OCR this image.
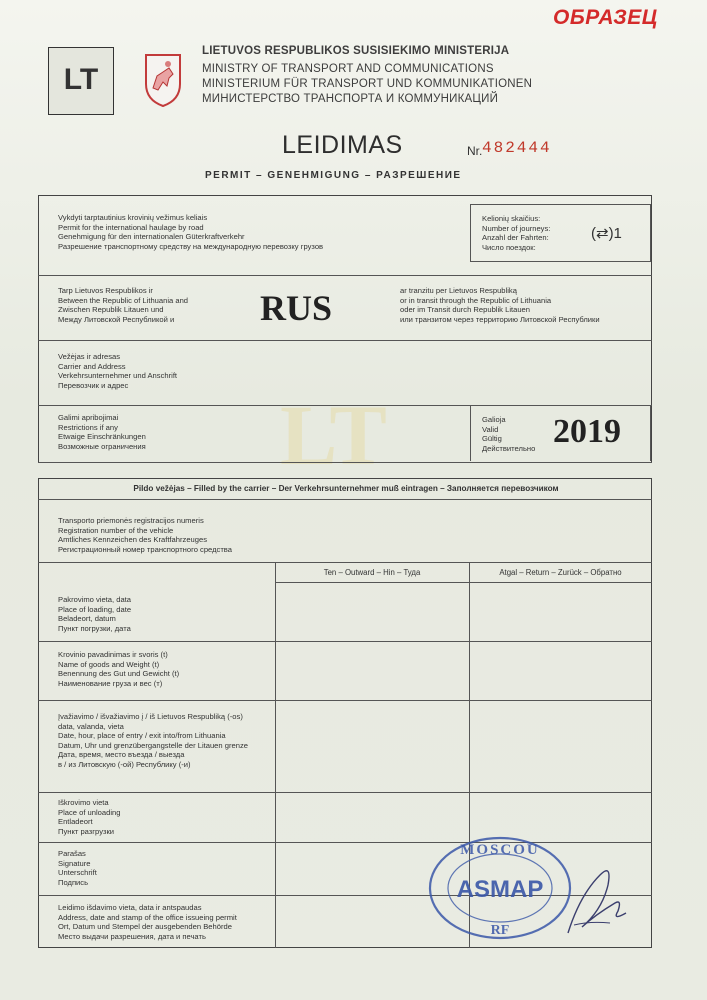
ОБРАЗЕЦ
LT
LIETUVOS RESPUBLIKOS SUSISIEKIMO MINISTERIJA
MINISTRY OF TRANSPORT AND COMMUNICATIONS
MINISTERIUM FÜR TRANSPORT UND KOMMUNIKATIONEN
МИНИСТЕРСТВО ТРАНСПОРТА И КОММУНИКАЦИЙ
LEIDIMAS	Nr. 482444
PERMIT – GENEHMIGUNG – РАЗРЕШЕНИЕ
LT
Vykdyti tarptautinius krovinių vežimus keliais
Permit for the international haulage by road
Genehmigung für den internationalen Güterkraftverkehr
Разрешение транспортному средству на международную перевозку грузов
Kelionių skaičius:
Number of journeys:
Anzahl der Fahrten:
Число поездок:
(⇄)1
Tarp Lietuvos Respublikos ir
Between the Republic of Lithuania and
Zwischen Republik Litauen und
Между Литовской Республикой и	RUS	ar tranzitu per Lietuvos Respubliką
or in transit through the Republic of Lithuania
oder im Transit durch Republik Litauen
или транзитом через территорию Литовской Республики
Vežėjas ir adresas
Carrier and Address
Verkehrsunternehmer und Anschrift
Перевозчик и адрес
Galimi apribojimai
Restrictions if any
Etwaige Einschränkungen
Возможные ограничения
Galioja
Valid
Gültig
Действительно 2019
Pildo vežėjas – Filled by the carrier – Der Verkehrsunternehmer muß eintragen – Заполняется перевозчиком
Ten – Outward – Hin – Туда	Atgal – Return – Zurück – Обратно
Transporto priemonės registracijos numeris
Registration number of the vehicle
Amtliches Kennzeichen des Kraftfahrzeuges
Регистрационный номер транспортного средства
Pakrovimo vieta, data
Place of loading, date
Beladeort, datum
Пункт погрузки, дата
Krovinio pavadinimas ir svoris (t)
Name of goods and Weight (t)
Benennung des Gut und Gewicht (t)
Наименование груза и вес (т)
Įvažiavimo / išvažiavimo į / iš Lietuvos Respubliką (-os)
data, valanda, vieta
Date, hour, place of entry / exit into/from Lithuania
Datum, Uhr und grenzübergangstelle der Litauen grenze
Дата, время, место въезда / выезда
в / из Литовскую (-ой) Республику (-и)
Iškrovimo vieta
Place of unloading
Entladeort
Пункт разгрузки
Parašas
Signature
Unterschrift
Подпись
Leidimo išdavimo vieta, data ir antspaudas
Address, date and stamp of the office issueing permit
Ort, Datum und Stempel der ausgebenden Behörde
Место выдачи разрешения, дата и печать
MOSCOU
ASMAP
RF
